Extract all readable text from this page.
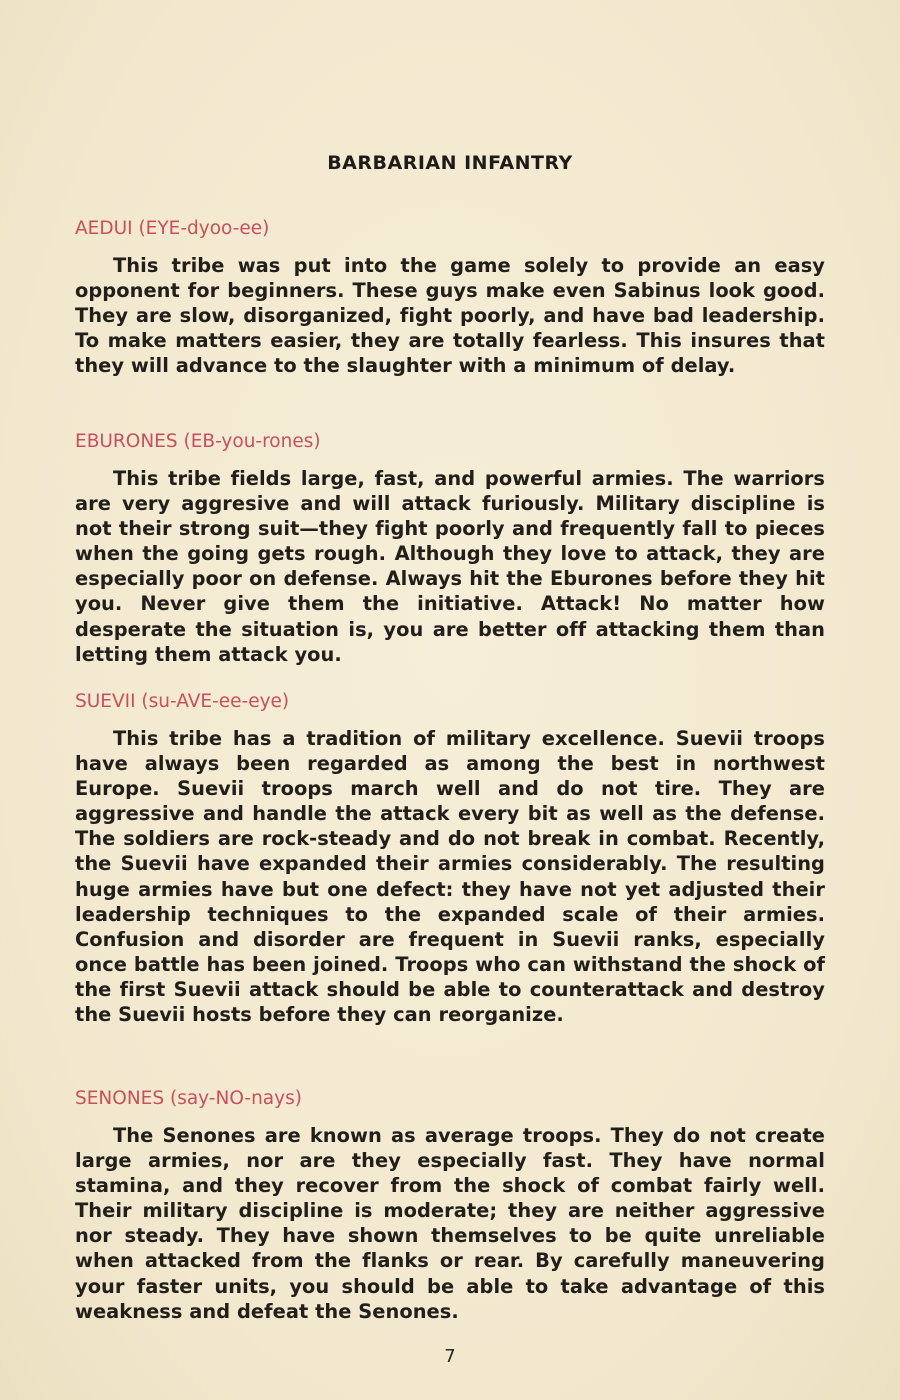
BARBARIAN INFANTRY
AEDUI (EYE-dyoo-ee)
This tribe was put into the game solely to provide an easy opponent for beginners. These guys make even Sabinus look good. They are slow, disorganized, fight poorly, and have bad leadership. To make matters easier, they are totally fearless. This insures that they will advance to the slaughter with a minimum of delay.
EBURONES (EB-you-rones)
This tribe fields large, fast, and powerful armies. The warriors are very aggresive and will attack furiously. Military discipline is not their strong suit—they fight poorly and frequently fall to pieces when the going gets rough. Although they love to attack, they are especially poor on defense. Always hit the Eburones before they hit you. Never give them the initiative. Attack! No matter how desperate the situation is, you are better off attacking them than letting them attack you.
SUEVII (su-AVE-ee-eye)
This tribe has a tradition of military excellence. Suevii troops have always been regarded as among the best in northwest Europe. Suevii troops march well and do not tire. They are aggressive and handle the attack every bit as well as the defense. The soldiers are rock-steady and do not break in combat. Recently, the Suevii have expanded their armies considerably. The resulting huge armies have but one defect: they have not yet adjusted their leadership techniques to the expanded scale of their armies. Confusion and disorder are frequent in Suevii ranks, especially once battle has been joined. Troops who can withstand the shock of the first Suevii attack should be able to counterattack and destroy the Suevii hosts before they can reorganize.
SENONES (say-NO-nays)
The Senones are known as average troops. They do not create large armies, nor are they especially fast. They have normal stamina, and they recover from the shock of combat fairly well. Their military discipline is moderate; they are neither aggressive nor steady. They have shown themselves to be quite unreliable when attacked from the flanks or rear. By carefully maneuvering your faster units, you should be able to take advantage of this weakness and defeat the Senones.
7
